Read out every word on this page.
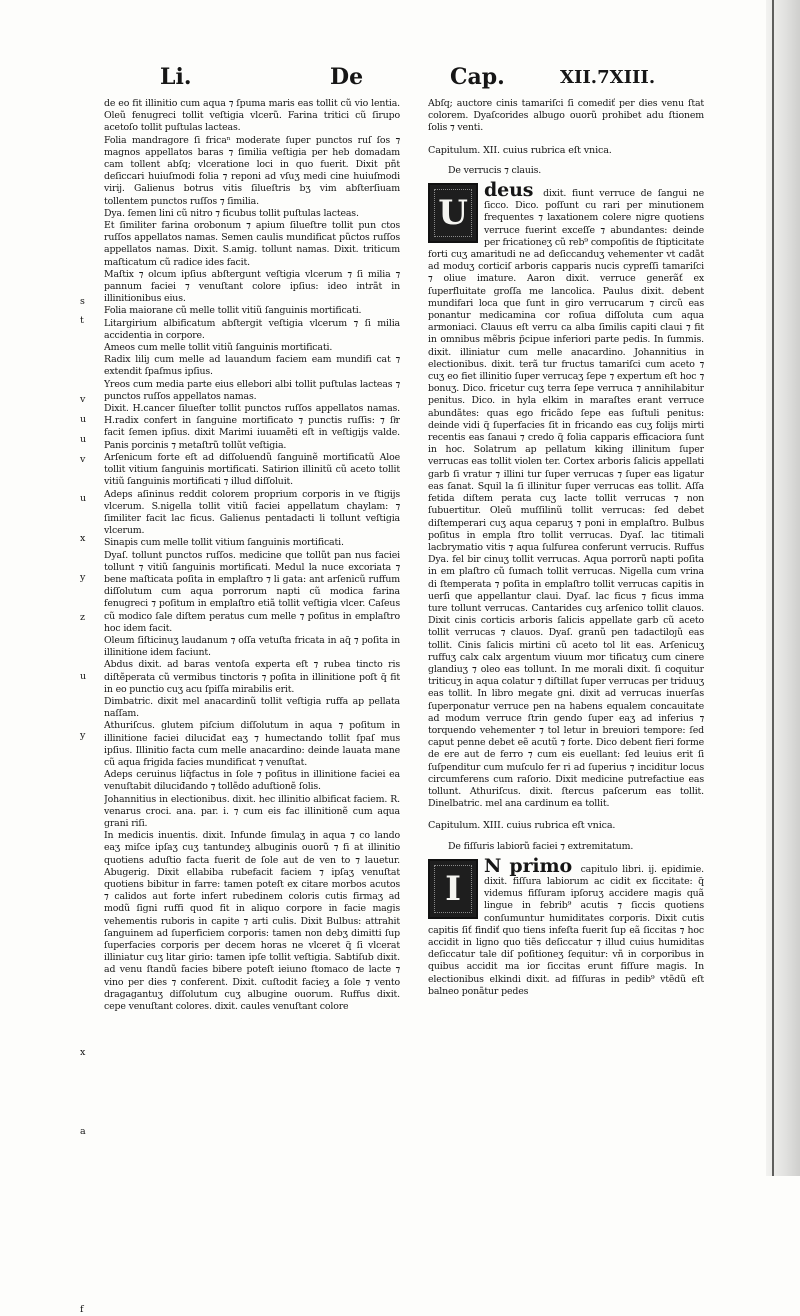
Li.	De	Cap.	XII.7XIII.
s
t
v
u
u
v
u
x
y
z
u
y
x
a
f

de eo fit illinitio cum aqua ⁊ ſpuma maris eas tollit cũ vio lentia. Oleũ fenugreci tollit veſtigia vlcerũ. Farina tritici cũ ſirupo acetoſo tollit puſtulas lacteas.

Folia mandragore ſi fricaⁿ moderate ſuper punctos ruſ ſos ⁊ magnos appellatos baras ⁊ ſimilia veſtigia per heb domadam cam tollent abſq; vlceratione loci in quo fuerit. Dixit pñt deſiccari huiuſmodi folia ⁊ reponi ad vſuʒ medi cine huiuſmodi virij. Galienus botrus vitis ſilueſtris bʒ vim abſterſiuam tollentem punctos ruſſos ⁊ ſimilia.

Dya. ſemen lini cũ nitro ⁊ ficubus tollit puſtulas lacteas.

Et ſimiliter farina orobonum ⁊ apium ſilueſtre tollit pun ctos ruſſos appellatos namas. Semen caulis mundificat pũctos ruſſos appellatos namas. Dixit. S.amig. tollunt namas. Dixit. triticum maſticatum cũ radice ides facit.

Maſtix ⁊ olcum ipſius abſtergunt veſtigia vlcerum ⁊ ſi milia ⁊ pannum faciei ⁊ venuſtant colore ipſius: ideo intrãt in illinitionibus eius.

Folia maiorane cũ melle tollit vitiũ ſanguinis mortificati.

Litargirium albificatum abſtergit veſtigia vlcerum ⁊ ſi milia accidentia in corpore.

Ameos cum melle tollit vitiũ ſanguinis mortificati.

Radix liliȷ cum melle ad lauandum faciem eam mundifi cat ⁊ extendit ſpaſmus ipſius.

Yreos cum media parte eius ellebori albi tollit puſtulas lacteas ⁊ punctos ruſſos appellatos namas.

Dixit. H.cancer ſilueſter tollit punctos ruſſos appellatos namas. H.radix confert in ſanguine mortificato ⁊ punctis ruſſis: ⁊ ſiͤr facit ſemen ipſius. dixit Marimi iuuamẽti eſt in veſtigijs valde. Panis porcinis ⁊ metaſtrũ tollũt veſtigia.

Arſenicum forte eſt ad diſſoluendũ ſanguinẽ mortificatũ Aloe tollit vitium ſanguinis mortificati. Satirion illinitũ cũ aceto tollit vitiũ ſanguinis mortificati ⁊ illud diſſoluit.

Adeps aſininus reddit colorem proprium corporis in ve ſtigijs vlcerum. S.nigella tollit vitiũ faciei appellatum chaylam: ⁊ ſimiliter facit lac ficus. Galienus pentadacti li tollunt veſtigia vlcerum.

Sinapis cum melle tollit vitium ſanguinis mortificati.

Dyaſ. tollunt punctos ruſſos. medicine que tollũt pan nus faciei tollunt ⁊ vitiũ ſanguinis mortificati. Medul la nuce excoriata ⁊ bene maſticata poſita in emplaſtro ⁊ li gata: ant arſenicũ ruffum diſſolutum cum aqua porrorum napti cũ modica farina fenugreci ⁊ poſitum in emplaſtro etiã tollit veſtigia vlcer. Caſeus cũ modico ſale diſtem peratus cum melle ⁊ poſitus in emplaſtro hoc idem facit.

Oleum ſiſticinuʒ laudanum ⁊ oſſa vetuſta fricata in aq̃ ⁊ poſita in illinitione idem faciunt.

Abdus dixit. ad baras ventoſa experta eſt ⁊ rubea tincto ris diſtẽperata cũ vermibus tinctoris ⁊ poſita in illinitione poſt q̃ fit in eo punctio cuʒ acu ſpiſſa mirabilis erit.

Dimbatric. dixit mel anacardinũ tollit veſtigia ruffa ap pellata naſſam.

Athuriſcus. glutem piſcium diſſolutum in aqua ⁊ poſitum in illinitione faciei diluciđat eaʒ ⁊ humectando tollit ſpaſ mus ipſius. Illinitio facta cum melle anacardino: deinde lauata mane cũ aqua frigida facies mundificat ⁊ venuſtat.

Adeps ceruinus liq̃factus in ſole ⁊ poſitus in illinitione faciei ea venuſtabit diluciđando ⁊ tollẽdo aduſtionẽ ſolis.

Johannitius in electionibus. dixit. hec illinitio albificat faciem. R. venarus croci. ana. par. i. ⁊ cum eis fac illinitionẽ cum aqua grani riſi.

In medicis inuentis. dixit. Infunde ſimulaʒ in aqua ⁊ co lando eaʒ miſce ipſaʒ cuʒ tantundeʒ albuginis ouorũ ⁊ fi at illinitio quotiens aduſtio facta fuerit de ſole aut de ven to ⁊ lauetur. Abugerig. Dixit ellabiba rubefacit faciem ⁊ ipſaʒ venuſtat quotiens bibitur in farre: tamen poteſt ex citare morbos acutos ⁊ calidos aut forte infert rubedinem coloris cutis firmaʒ ad modũ ſigni ruffi quod fit in aliquo corpore in facie magis vehementis ruboris in capite ⁊ arti culis. Dixit Bulbus: attrahit ſanguinem ad ſuperficiem corporis: tamen non debʒ dimitti ſup ſuperfacies corporis per decem horas ne vlceret q̃ ſi vlcerat illiniatur cuʒ litar girio: tamen ipſe tollit veſtigia. Sabtiſub dixit. ad venu ſtandũ facies bibere poteſt ieiuno ſtomaco de lacte ⁊ vino per dies ⁊ conferent. Dixit. cuſtodit facieʒ a ſole ⁊ vento dragagantuʒ diſſolutum cuʒ albugine ouorum. Ruffus dixit. cepe venuſtant colores. dixit. caules venuſtant colore

Abſq; auctore cinis tamariſci ſi comediť per dies venu ſtat colorem. Dyaſcorides albugo ouorũ prohibet adu ſtionem ſolis ⁊ venti.

Capitulum. XII. cuius rubrica eſt vnica.

De verrucis ⁊ clauis.

U

deus dixit. fiunt verruce de ſangui ne ſicco. Dico. poſſunt cu rari per minutionem frequentes ⁊ laxationem colere nigre quotiens verruce fuerint exceſſe ⁊ abundantes: deinde per fricationeʒ cũ reb⁹ compoſitis de ſtipticitate forti cuʒ amaritudi ne ad deſiccanduʒ vehementer vt cadãt ad moduʒ corticiſ arboris capparis nucis cypreſſi tamariſci ⁊ oliue imature. Aaron dixit. verruce generãť ex ſuperfluitate groſſa me lancolica. Paulus dixit. debent mundifari loca que ſunt in giro verrucarum ⁊ circũ eas ponantur medicamina cor roſiua diſſoluta cum aqua armoniaci. Clauus eſt verru ca alba ſimilis capiti claui ⁊ fit in omnibus mẽbris p̃cipue inferiori parte pedis. In ſummis. dixit. illiniatur cum melle anacardino. Johannitius in electionibus. dixit. terã tur fructus tamariſci cum aceto ⁊ cuʒ eo fiet illinitio ſuper verrucaʒ ſepe ⁊ expertum eſt hoc ⁊ bonuʒ. Dico. fricetur cuʒ terra ſepe verruca ⁊ annihilabitur penitus. Dico. in hyla elkim in maraſtes erant verruce abundãtes: quas ego fricãdo ſepe eas ſuſtuli penitus: deinde vidi q̃ ſuperfacies ſit in fricando eas cuʒ folijs mirti recentis eas ſanaui ⁊ credo q̃ folia capparis efficaciora ſunt in hoc. Solatrum ap pellatum kiking illinitum ſuper verrucas eas tollit violen ter. Cortex arboris ſalicis appellati garb ſi vratur ⁊ illini tur ſuper verrucas ⁊ ſuper eas ligatur eas ſanat. Squil la ſi illinitur ſuper verrucas eas tollit. Aſſa fetida diſtem perata cuʒ lacte tollit verrucas ⁊ non ſubuertitur. Oleũ muſſilinũ tollit verrucas: ſed debet diſtemperari cuʒ aqua ceparuʒ ⁊ poni in emplaſtro. Bulbus poſitus in empla ſtro tollit verrucas. Dyaſ. lac titimali lacbrymatio vitis ⁊ aqua ſulfurea conferunt verrucis. Ruffus Dya. fel bir cinuʒ tollit verrucas. Aqua porrorũ napti poſita in em plaſtro cũ ſumach tollit verrucas. Nigella cum vrina di ſtemperata ⁊ poſita in emplaſtro tollit verrucas capitis in uerſi que appellantur claui. Dyaſ. lac ficus ⁊ ficus imma ture tollunt verrucas. Cantarides cuʒ arſenico tollit clauos. Dixit cinis corticis arboris ſalicis appellate garb cũ aceto tollit verrucas ⁊ clauos. Dyaſ. granũ pen tadactiloȷũ eas tollit. Cinis ſalicis mirtini cũ aceto tol lit eas. Arſenicuʒ ruffuʒ calx calx argentum viuum mor tificatuʒ cum cinere glandiuʒ ⁊ oleo eas tollunt. In me morali dixit. ſi coquitur triticuʒ in aqua colatur ⁊ diſtillat ſuper verrucas per triduuʒ eas tollit. In libro megate gni. dixit ad verrucas inuerſas ſuperponatur verruce pen na habens equalem concauitate ad modum verruce ſtrin gendo ſuper eaʒ ad inferius ⁊ torquendo vehementer ⁊ tol letur in breuiori tempore: ſed caput penne debet eẽ acutũ ⁊ forte. Dico debent fieri forme de ere aut de ferro ⁊ cum eis euellant: ſed leuius erit ſi ſuſpenditur cum muſculo fer ri ad ſuperius ⁊ inciditur locus circumferens cum raſorio. Dixit medicine putrefactiue eas tollunt. Athuriſcus. dixit. ſtercus paſcerum eas tollit. Dinelbatric. mel ana cardinum ea tollit.

Capitulum. XIII. cuius rubrica eſt vnica.

De fiſſuris labiorũ faciei ⁊ extremitatum.

I

N primo capitulo libri. ij. epidimie. dixit. fiſſura labiorum ac cidit ex ſiccitate: q̃ videmus fiſſuram ipſoruʒ accidere magis quã lingue in febrib⁹ acutis ⁊ ſiccis quotiens conſumuntur humiditates corporis. Dixit cutis capitis ſiť findiť quo tiens infeſta fuerit ſup eã ſiccitas ⁊ hoc accidit in ligno quo tiẽs deſiccatur ⁊ illud cuius humiditas deſiccatur tale diſ poſitioneʒ ſequitur: vñ in corporibus in quibus accidit ma ior ſiccitas erunt fiſſure magis. In electionibus elkindi dixit. ad fiſſuras in pedib⁹ vtẽdũ eſt balneo ponãtur pedes
